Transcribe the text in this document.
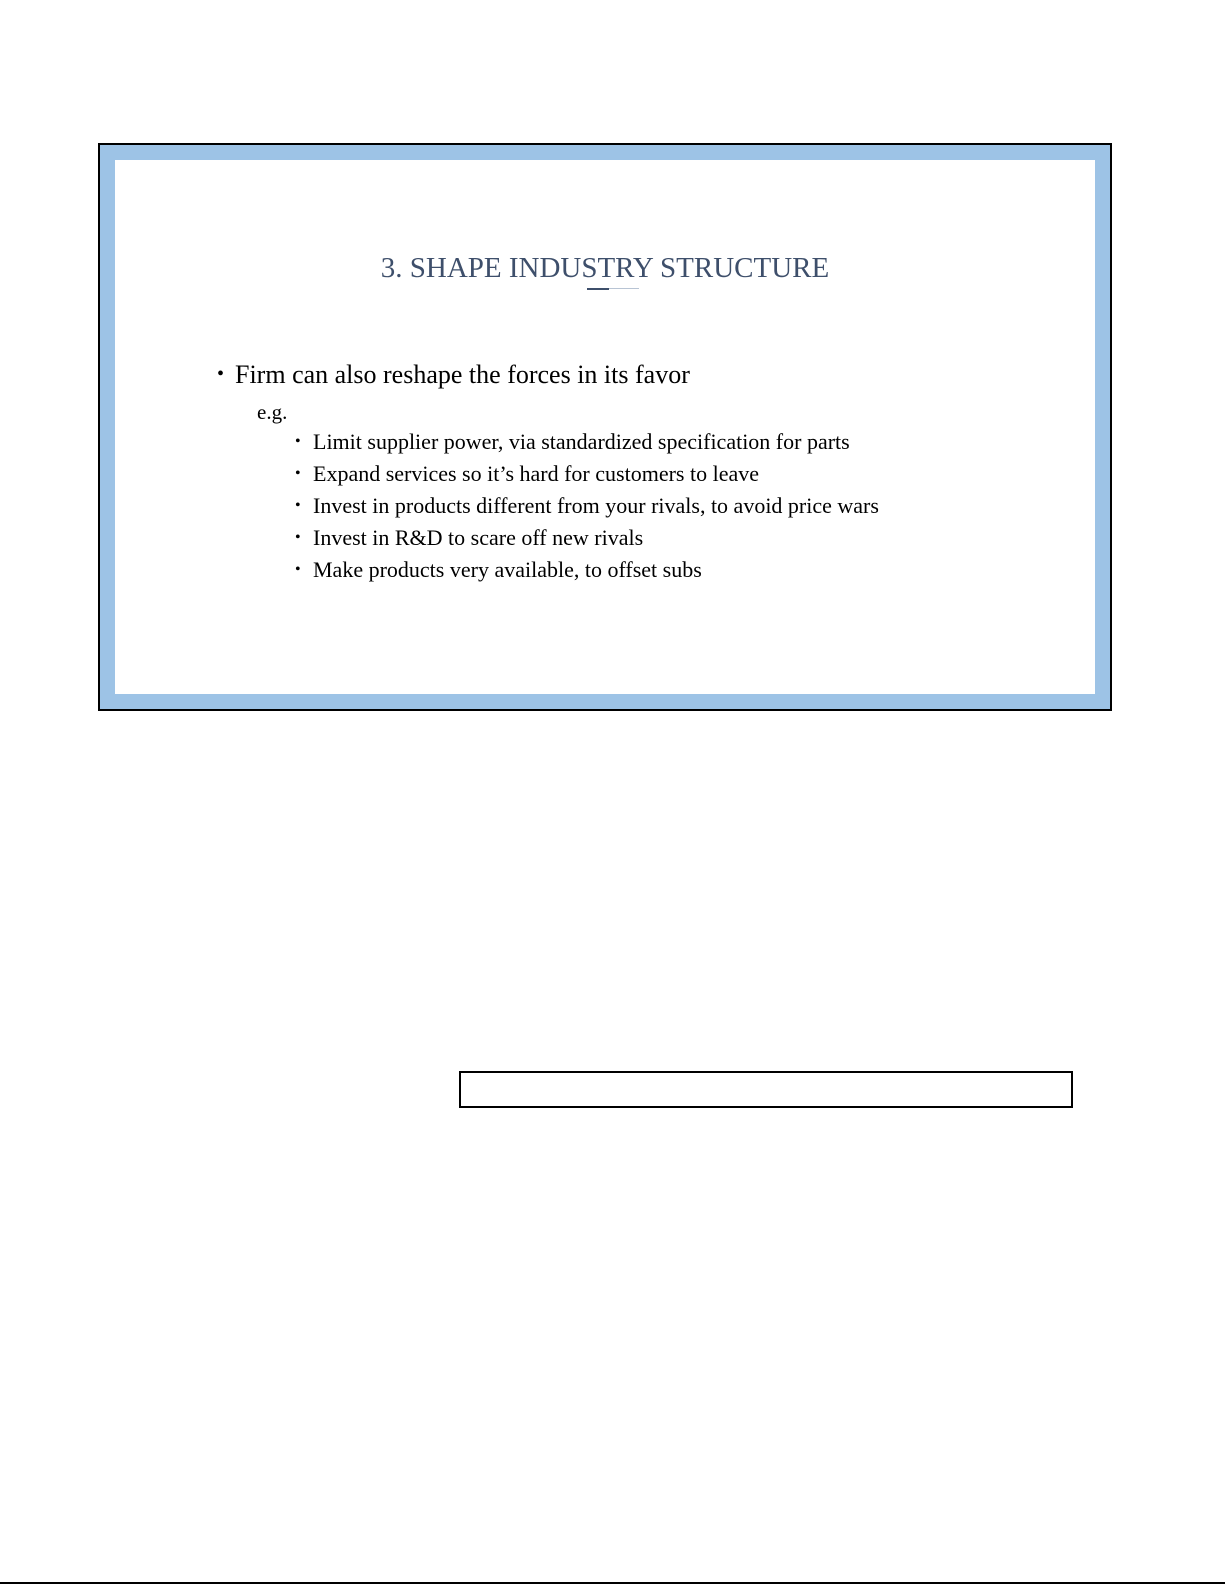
3. SHAPE INDUSTRY STRUCTURE
• Firm can also reshape the forces in its favor
e.g.
• Limit supplier power, via standardized specification for parts
• Expand services so it’s hard for customers to leave
• Invest in products different from your rivals, to avoid price wars
• Invest in R&D to scare off new rivals
• Make products very available, to offset subs
